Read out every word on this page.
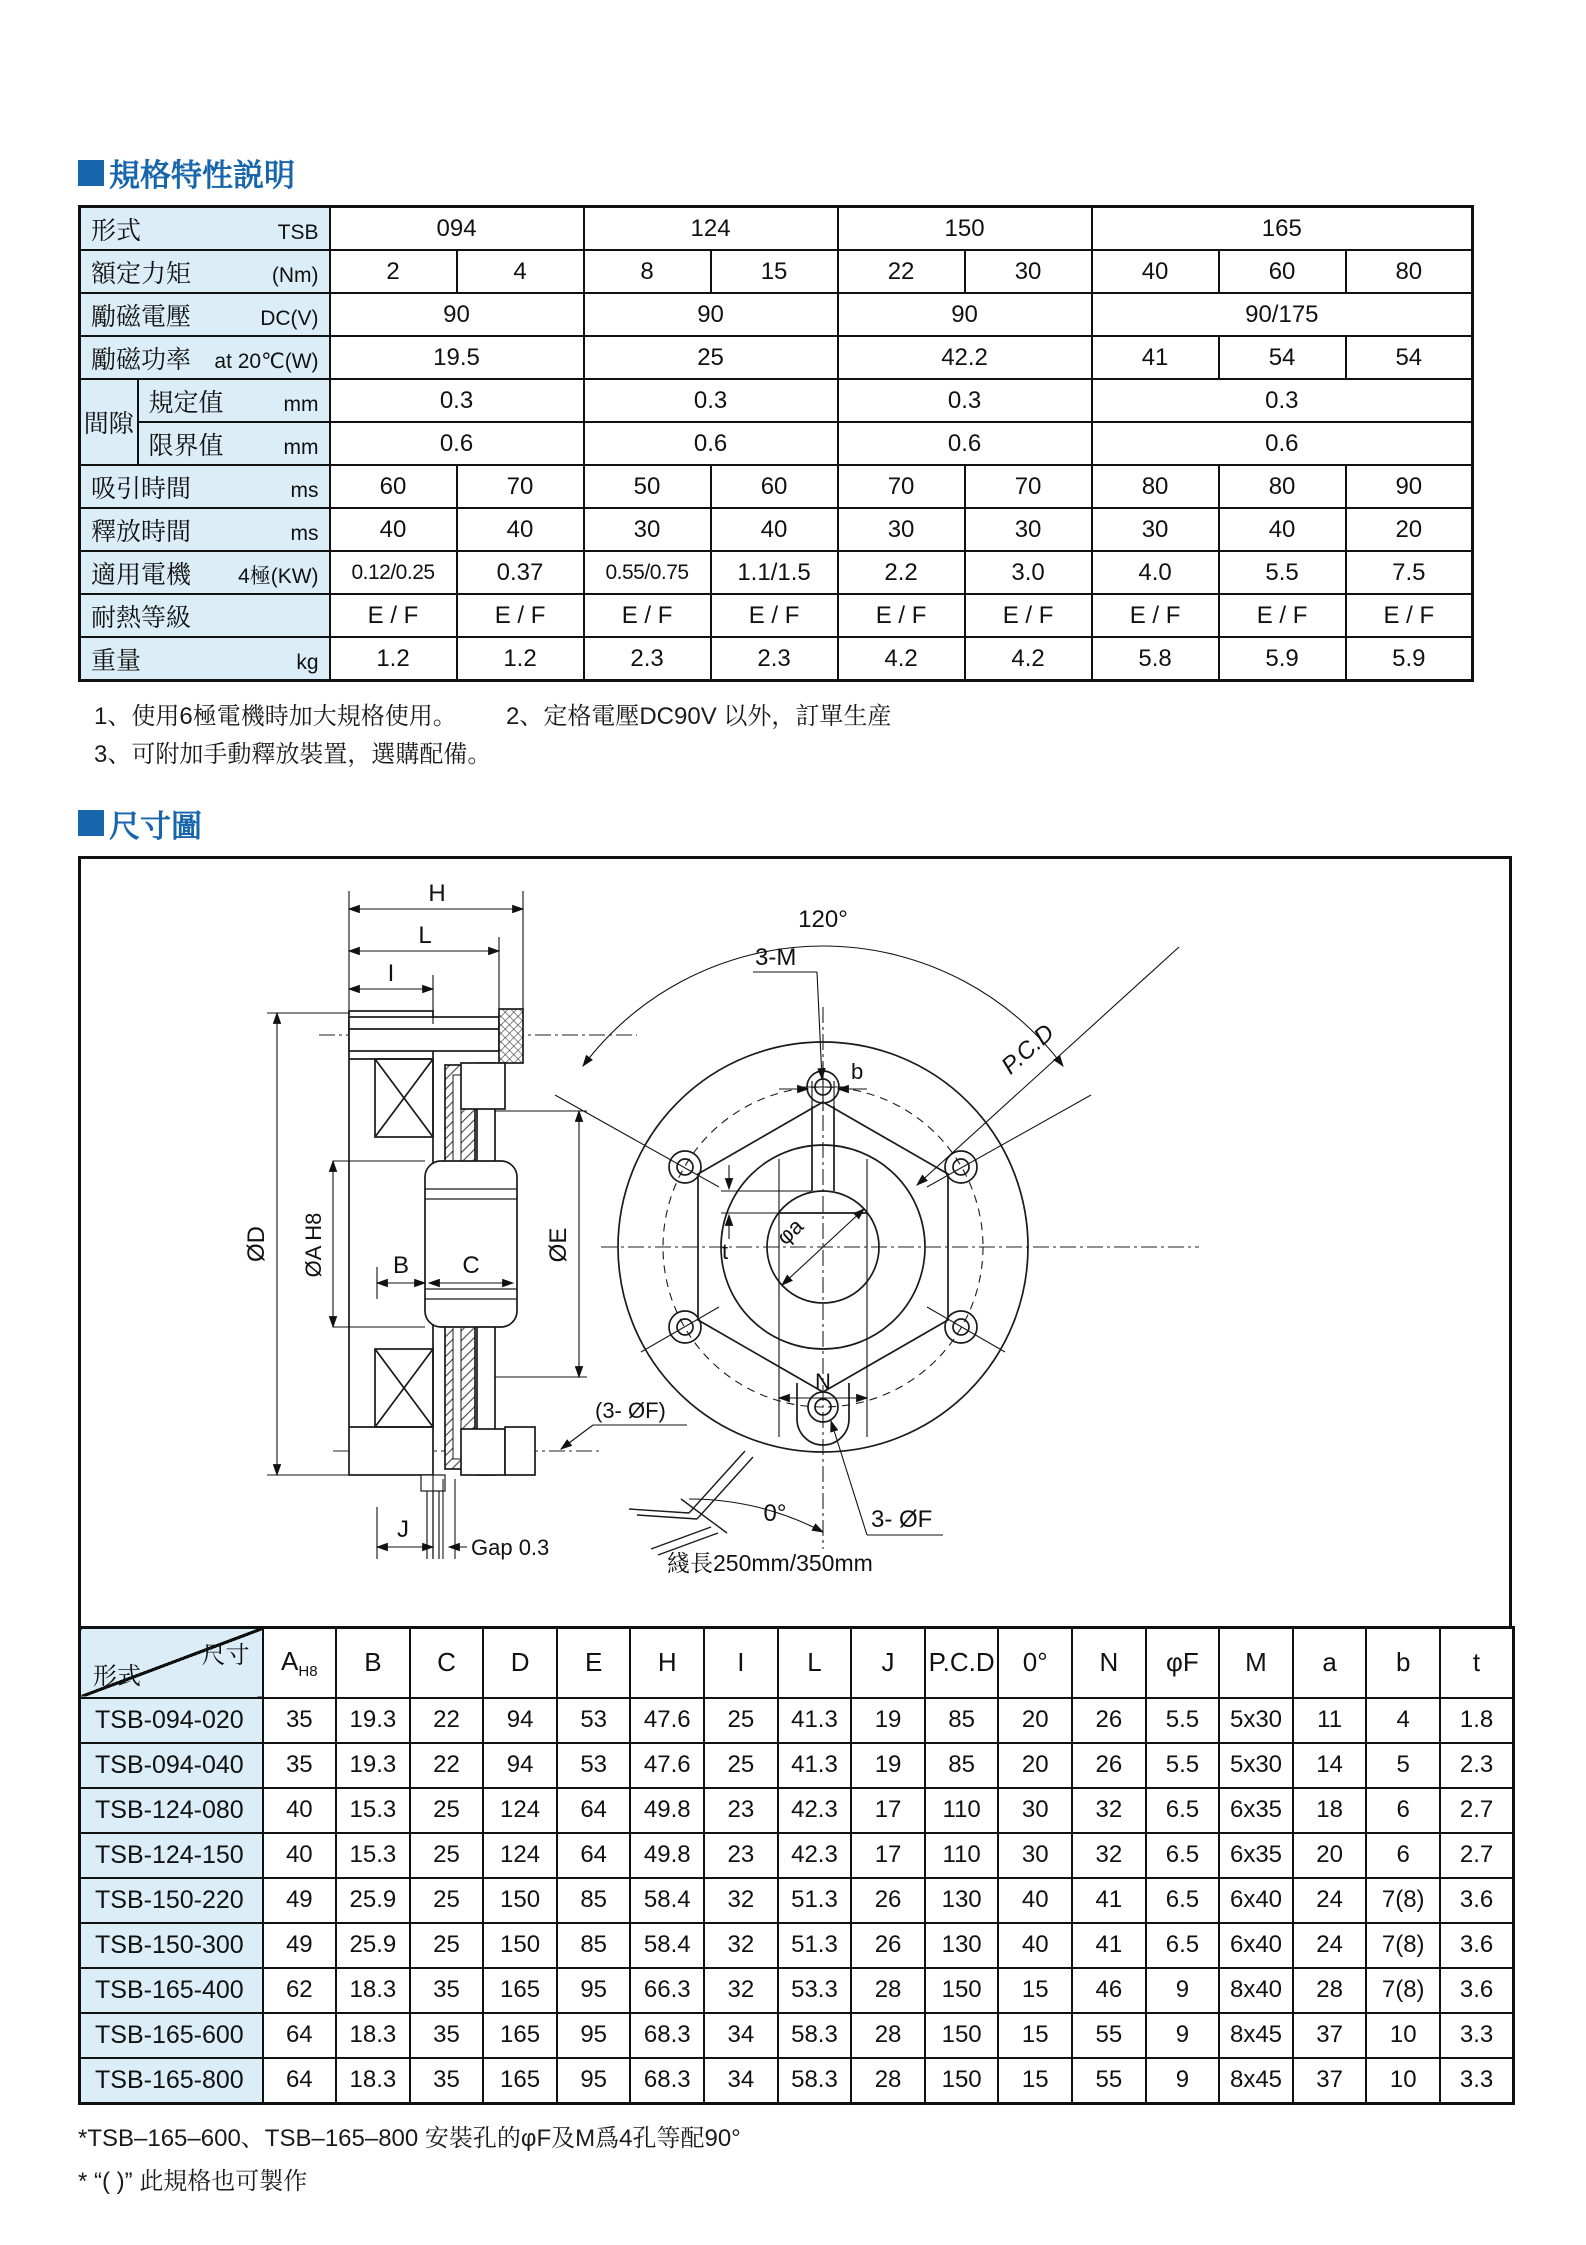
規格特性説明
形式 TSB		094		124		150		165		

額定力矩 (Nm)		2	4	8	15	22	30	40	60	80

勵磁電壓 DC(V)		90		90		90		90/175		

勵磁功率 at 20℃(W)		19.5		25		42.2		41	54	54
間隙	規定值 mm	0.3		0.3		0.3		0.3		

	限界值 mm	0.6		0.6		0.6		0.6		

吸引時間 ms		60	70	50	60	70	70	80	80	90

釋放時間 ms		40	40	30	40	30	30	30	40	20

適用電機 4極(KW)		0.12/0.25	0.37	0.55/0.75	1.1/1.5	2.2	3.0	4.0	5.5	7.5

耐熱等級		E / F	E / F	E / F	E / F	E / F	E / F	E / F	E / F	E / F

重量 kg		1.2	1.2	2.3	2.3	4.2	4.2	5.8	5.9	5.9
1、使用6極電機時加大規格使用。	2、定格電壓DC90V 以外，訂單生産
3、可附加手動釋放裝置，選購配備。
尺寸圖
H
L
I
ØD ØA H8	B C
ØE
(3- ØF)
J
Gap 0.3
120°
3-M
P.C.D
b
t
φa
N
0°	3- ØF
綫長250mm/350mm
尺寸
形式	$A_{H8}$	B	C	D	E	H	I	L	J	P.C.D	0°	N	φF	M	a	b	t
TSB-094-020	35	19.3	22	94	53	47.6	25	41.3	19	85	20	26	5.5	5x30	11	4	1.8
TSB-094-040	35	19.3	22	94	53	47.6	25	41.3	19	85	20	26	5.5	5x30	14	5	2.3
TSB-124-080	40	15.3	25	124	64	49.8	23	42.3	17	110	30	32	6.5	6x35	18	6	2.7
TSB-124-150	40	15.3	25	124	64	49.8	23	42.3	17	110	30	32	6.5	6x35	20	6	2.7
TSB-150-220	49	25.9	25	150	85	58.4	32	51.3	26	130	40	41	6.5	6x40	24	7(8)	3.6
TSB-150-300	49	25.9	25	150	85	58.4	32	51.3	26	130	40	41	6.5	6x40	24	7(8)	3.6
TSB-165-400	62	18.3	35	165	95	66.3	32	53.3	28	150	15	46	9	8x40	28	7(8)	3.6
TSB-165-600	64	18.3	35	165	95	68.3	34	58.3	28	150	15	55	9	8x45	37	10	3.3
TSB-165-800	64	18.3	35	165	95	68.3	34	58.3	28	150	15	55	9	8x45	37	10	3.3
*TSB–165–600、TSB–165–800 安裝孔的φF及M爲4孔等配90°
* “( )” 此規格也可製作
